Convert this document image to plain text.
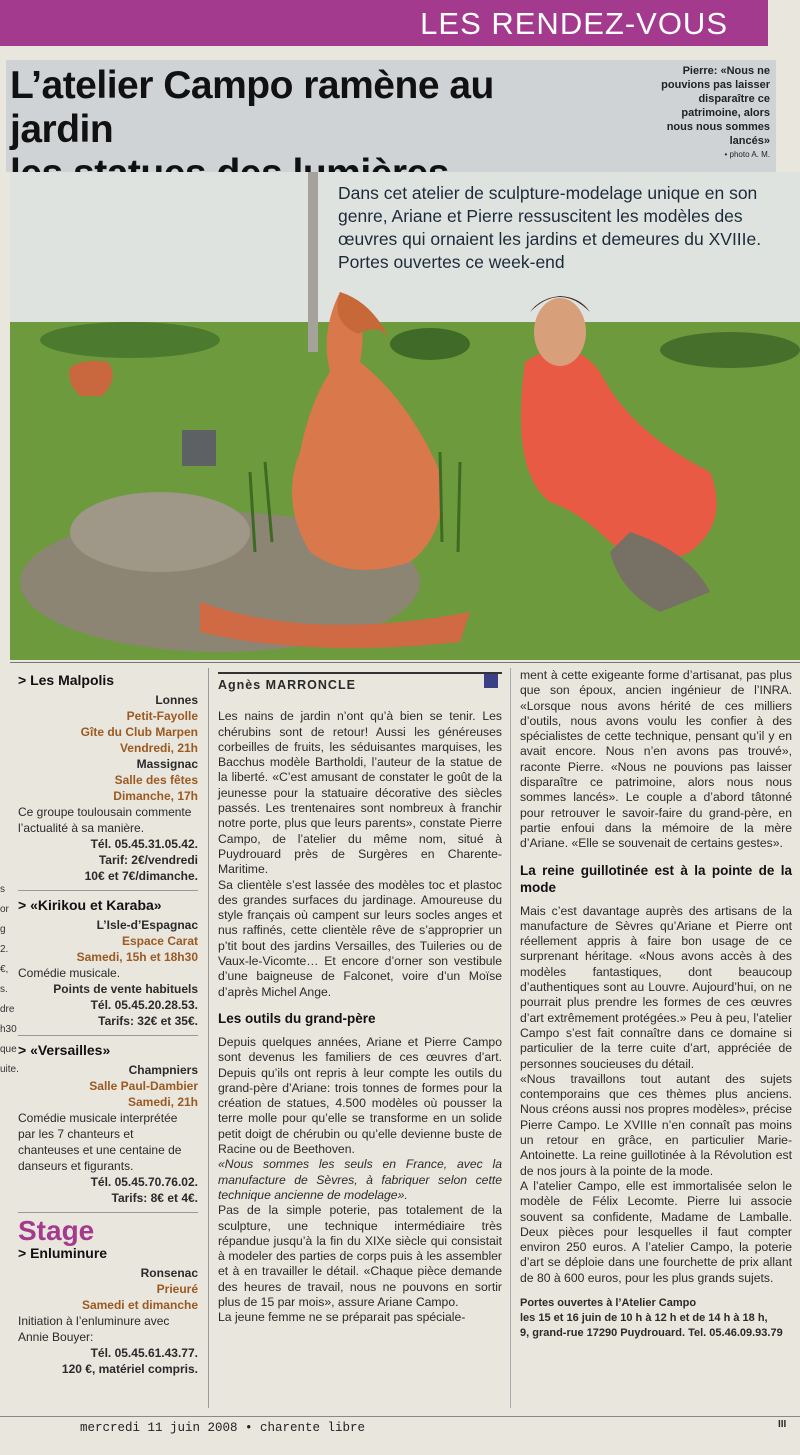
LES RENDEZ-VOUS
L’atelier Campo ramène au jardin
Pierre: «Nous ne pouvions pas laisser disparaître ce patrimoine, alors nous nous sommes lancés»
• photo A. M.
Dans cet atelier de sculpture-modelage unique en son genre, Ariane et Pierre ressuscitent les modèles des œuvres qui ornaient les jardins et demeures du XVIIIe. Portes ouvertes ce week-end
s
or
g
2.
€,
s.
dre
h30
que
uite.
> Les Malpolis
Lonnes
Petit-Fayolle
Gîte du Club Marpen
Vendredi, 21h
Massignac
Salle des fêtes
Dimanche, 17h
Ce groupe toulousain commente l’actualité à sa manière.
Tél. 05.45.31.05.42.
Tarif: 2€/vendredi
10€ et 7€/dimanche.
> «Kirikou et Karaba»
L’Isle-d’Espagnac
Espace Carat
Samedi, 15h et 18h30
Comédie musicale.
Points de vente habituels
Tél. 05.45.20.28.53.
Tarifs: 32€ et 35€.
> «Versailles»
Champniers
Salle Paul-Dambier
Samedi, 21h
Comédie musicale interprétée par les 7 chanteurs et chanteuses et une centaine de danseurs et figurants.
Tél. 05.45.70.76.02.
Tarifs: 8€ et 4€.
Stage
> Enluminure
Ronsenac
Prieuré
Samedi et dimanche
Initiation à l’enluminure avec Annie Bouyer:
Tél. 05.45.61.43.77.
120 €, matériel compris.
Agnès MARRONCLE

Les nains de jardin n’ont qu’à bien se tenir. Les chérubins sont de retour! Aussi les généreuses corbeilles de fruits, les séduisantes marquises, les Bacchus modèle Bartholdi, l’auteur de la statue de la liberté. «C’est amusant de constater le goût de la jeunesse pour la statuaire décorative des siècles passés. Les trentenaires sont nombreux à franchir notre porte, plus que leurs parents», constate Pierre Campo, de l’atelier du même nom, situé à Puydrouard près de Surgères en Charente-Maritime.

Sa clientèle s’est lassée des modèles toc et plastoc des grandes surfaces du jardinage. Amoureuse du style français où campent sur leurs socles anges et nus raffinés, cette clientèle rêve de s’approprier un p’tit bout des jardins Versailles, des Tuileries ou de Vaux-le-Vicomte… Et encore d’orner son vestibule d’une baigneuse de Falconet, voire d’un Moïse d’après Michel Ange.

Les outils du grand-père

Depuis quelques années, Ariane et Pierre Campo sont devenus les familiers de ces œuvres d’art. Depuis qu’ils ont repris à leur compte les outils du grand-père d’Ariane: trois tonnes de formes pour la création de statues, 4.500 modèles où pousser la terre molle pour qu’elle se transforme en un solide petit doigt de chérubin ou qu’elle devienne buste de Racine ou de Beethoven.

«Nous sommes les seuls en France, avec la manufacture de Sèvres, à fabriquer selon cette technique ancienne de modelage».

Pas de la simple poterie, pas totalement de la sculpture, une technique intermédiaire très répandue jusqu’à la fin du XIXe siècle qui consistait à modeler des parties de corps puis à les assembler et à en travailler le détail. «Chaque pièce demande des heures de travail, nous ne pouvons en sortir plus de 15 par mois», assure Ariane Campo.

La jeune femme ne se préparait pas spéciale-

ment à cette exigeante forme d’artisanat, pas plus que son époux, ancien ingénieur de l’INRA. «Lorsque nous avons hérité de ces milliers d’outils, nous avons voulu les confier à des spécialistes de cette technique, pensant qu’il y en avait encore. Nous n’en avons pas trouvé», raconte Pierre. «Nous ne pouvions pas laisser disparaître ce patrimoine, alors nous nous sommes lancés». Le couple a d’abord tâtonné pour retrouver le savoir-faire du grand-père, en partie enfoui dans la mémoire de la mère d’Ariane. «Elle se souvenait de certains gestes».

La reine guillotinée est à la pointe de la mode

Mais c’est davantage auprès des artisans de la manufacture de Sèvres qu’Ariane et Pierre ont réellement appris à faire bon usage de ce surprenant héritage. «Nous avons accès à des modèles fantastiques, dont beaucoup d’authentiques sont au Louvre. Aujourd’hui, on ne pourrait plus prendre les formes de ces œuvres d’art extrêmement protégées.» Peu à peu, l’atelier Campo s’est fait connaître dans ce domaine si particulier de la terre cuite d’art, appréciée de personnes soucieuses du détail.

«Nous travaillons tout autant des sujets contemporains que ces thèmes plus anciens. Nous créons aussi nos propres modèles», précise Pierre Campo. Le XVIIIe n’en connaît pas moins un retour en grâce, en particulier Marie-Antoinette. La reine guillotinée à la Révolution est de nos jours à la pointe de la mode.

A l’atelier Campo, elle est immortalisée selon le modèle de Félix Lecomte. Pierre lui associe souvent sa confidente, Madame de Lamballe. Deux pièces pour lesquelles il faut compter environ 250 euros. A l’atelier Campo, la poterie d’art se déploie dans une fourchette de prix allant de 80 à 600 euros, pour les plus grands sujets.

Portes ouvertes à l’Atelier Campo
les 15 et 16 juin de 10 h à 12 h et de 14 h à 18 h,
9, grand-rue 17290 Puydrouard. Tel. 05.46.09.93.79
mercredi 11 juin 2008 • charente libre	III
